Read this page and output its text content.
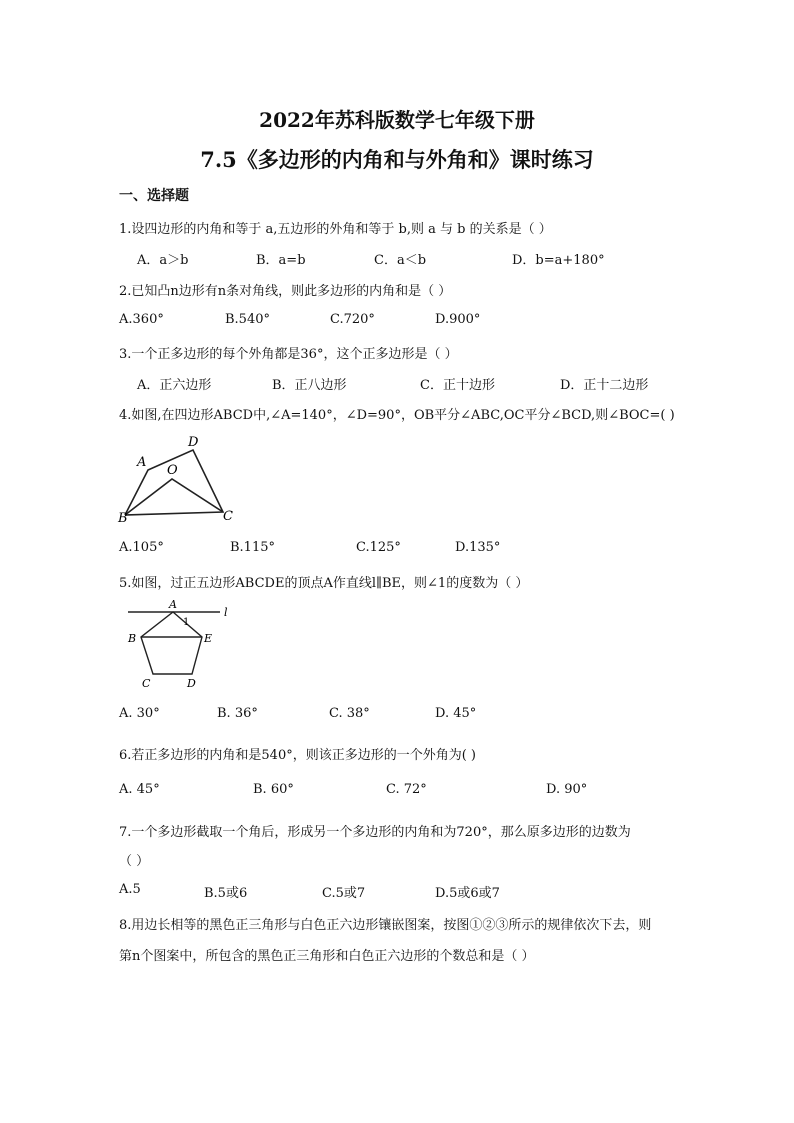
2022年苏科版数学七年级下册
7.5《多边形的内角和与外角和》课时练习
一、选择题
1.设四边形的内角和等于 a,五边形的外角和等于 b,则 a 与 b 的关系是（ ）
A．a＞b	B．a=b	C．a＜b	D．b=a+180°
2.已知凸n边形有n条对角线，则此多边形的内角和是（ ）
A.360°	B.540°	C.720°	D.900°
3.一个正多边形的每个外角都是36°，这个正多边形是（ ）
A．正六边形	B．正八边形	C．正十边形	D．正十二边形
4.如图,在四边形ABCD中,∠A=140°，∠D=90°，OB平分∠ABC,OC平分∠BCD,则∠BOC=( )
A
B	C
D
O
A.105°	B.115°	C.125°	D.135°
5.如图，过正五边形ABCDE的顶点A作直线l∥BE，则∠1的度数为（ ）
A
B
C	D
E
l
1
A. 30°	B. 36°	C. 38°	D. 45°
6.若正多边形的内角和是540°，则该正多边形的一个外角为( )
A. 45°	B. 60°	C. 72°	D. 90°
7.一个多边形截取一个角后，形成另一个多边形的内角和为720°，那么原多边形的边数为
（ ）
A.5	B.5或6	C.5或7	D.5或6或7
8.用边长相等的黑色正三角形与白色正六边形镶嵌图案，按图①②③所示的规律依次下去，则
第n个图案中，所包含的黑色正三角形和白色正六边形的个数总和是（ ）
